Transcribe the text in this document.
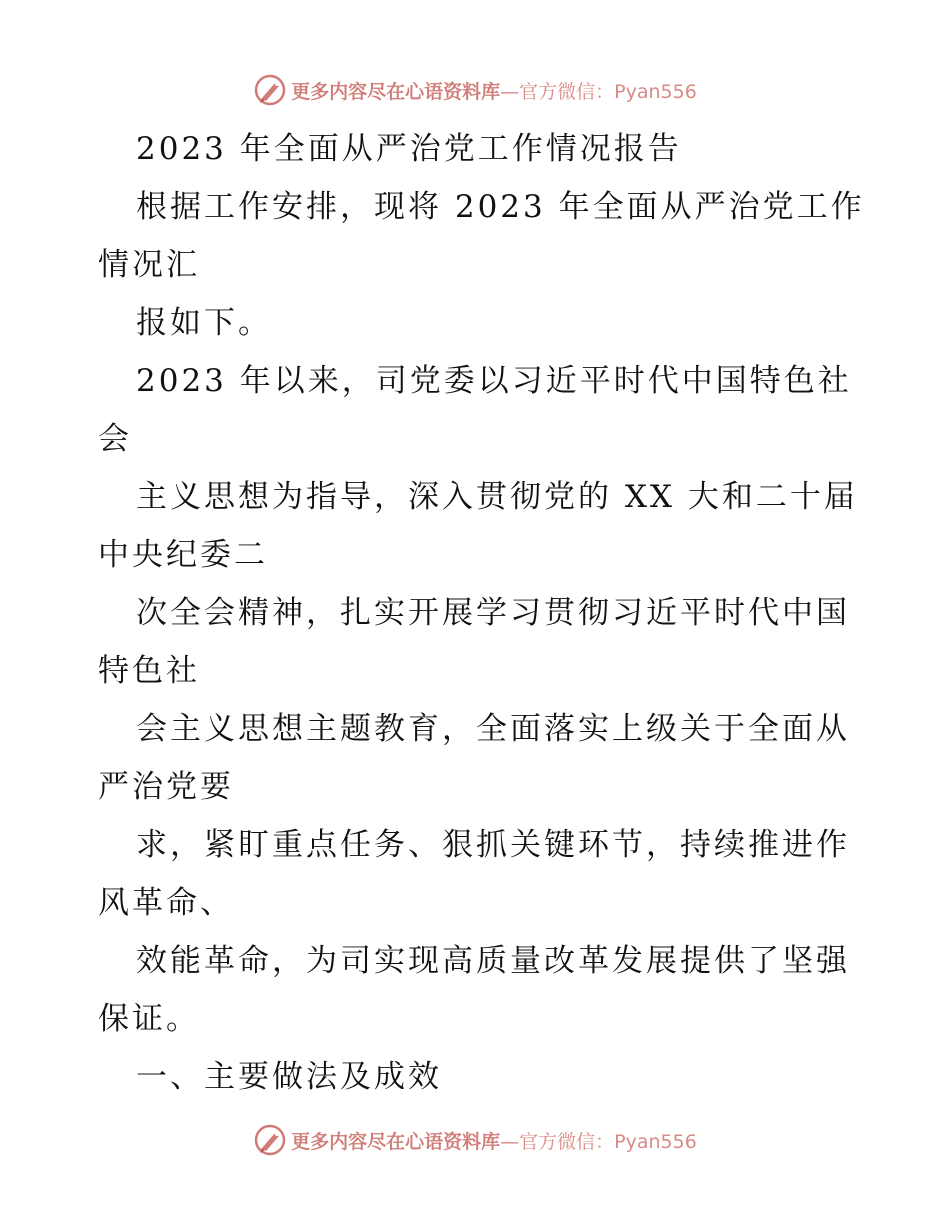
更多内容尽在心语资料库—官方微信：Pyan556
2023 年全面从严治党工作情况报告
根据工作安排，现将 2023 年全面从严治党工作
情况汇
报如下。
2023 年以来，司党委以习近平时代中国特色社
会
主义思想为指导，深入贯彻党的 XX 大和二十届
中央纪委二
次全会精神，扎实开展学习贯彻习近平时代中国
特色社
会主义思想主题教育，全面落实上级关于全面从
严治党要
求，紧盯重点任务、狠抓关键环节，持续推进作
风革命、
效能革命，为司实现高质量改革发展提供了坚强
保证。
一、主要做法及成效
更多内容尽在心语资料库—官方微信：Pyan556
